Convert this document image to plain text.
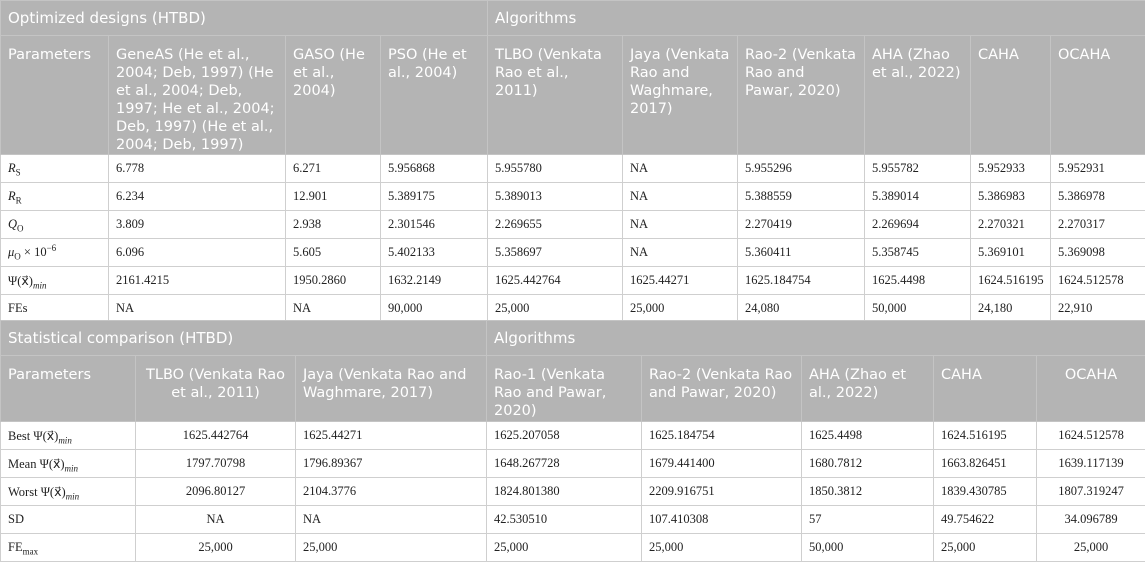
Optimized designs (HTBD)				Algorithms					
Parameters	GeneAS (He et al., 2004; Deb, 1997) (He et al., 2004; Deb, 1997; He et al., 2004; Deb, 1997) (He et al., 2004; Deb, 1997)	GASO (He et al., 2004)	PSO (He et al., 2004)	TLBO (Venkata Rao et al., 2011)	Jaya (Venkata Rao and Waghmare, 2017)	Rao-2 (Venkata Rao and Pawar, 2020)	AHA (Zhao et al., 2022)	CAHA	OCAHA
$R_S$	6.778	6.271	5.956868	5.955780	NA	5.955296	5.955782	5.952933	5.952931
$R_R$	6.234	12.901	5.389175	5.389013	NA	5.388559	5.389014	5.386983	5.386978
$Q_O$	3.809	2.938	2.301546	2.269655	NA	2.270419	2.269694	2.270321	2.270317
$\mu_O \times 10^{-6}$	6.096	5.605	5.402133	5.358697	NA	5.360411	5.358745	5.369101	5.369098
$\Psi(x⃗)_{min}$	2161.4215	1950.2860	1632.2149	1625.442764	1625.44271	1625.184754	1625.4498	1624.516195	1624.512578
FEs	NA	NA	90,000	25,000	25,000	24,080	50,000	24,180	22,910
Statistical comparison (HTBD)			Algorithms				
Parameters	TLBO (Venkata Rao et al., 2011)	Jaya (Venkata Rao and Waghmare, 2017)	Rao-1 (Venkata Rao and Pawar, 2020)	Rao-2 (Venkata Rao and Pawar, 2020)	AHA (Zhao et al., 2022)	CAHA	OCAHA
Best $\Psi(x⃗)_{min}$	1625.442764	1625.44271	1625.207058	1625.184754	1625.4498	1624.516195	1624.512578
Mean $\Psi(x⃗)_{min}$	1797.70798	1796.89367	1648.267728	1679.441400	1680.7812	1663.826451	1639.117139
Worst $\Psi(x⃗)_{min}$	2096.80127	2104.3776	1824.801380	2209.916751	1850.3812	1839.430785	1807.319247
SD	NA	NA	42.530510	107.410308	57	49.754622	34.096789
$FE_{max}$	25,000	25,000	25,000	25,000	50,000	25,000	25,000
